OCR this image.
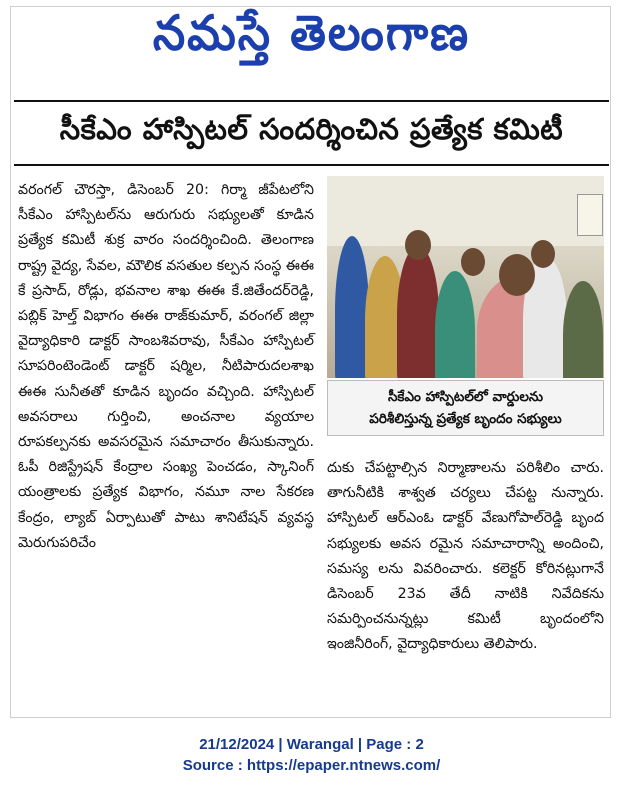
నమస్తే తెలంగాణ
సీకేఎం హాస్పిటల్ సందర్శించిన ప్రత్యేక కమిటీ

వరంగల్ చౌరస్తా, డిసెంబర్ 20: గిర్మా జీపేటలోని సీకేఎం హాస్పిటల్‌ను ఆరుగురు సభ్యులతో కూడిన ప్రత్యేక కమిటీ శుక్ర వారం సందర్శించింది. తెలంగాణ రాష్ట్ర వైద్య, సేవల, మౌలిక వసతుల కల్పన సంస్థ ఈఈ కే ప్రసాద్, రోడ్లు, భవనాల శాఖ ఈఈ కే.జితేందర్‌రెడ్డి, పబ్లిక్ హెల్త్ విభాగం ఈఈ రాజ్‌కుమార్, వరంగల్ జిల్లా వైద్యాధికారి డాక్టర్ సాంబశివరావు, సీకేఎం హాస్పిటల్ సూపరింటెండెంట్ డాక్టర్ షర్మిల, నీటిపారుదలశాఖ ఈఈ సునీతతో కూడిన బృందం వచ్చింది. హాస్పిటల్ అవసరాలు గుర్తించి, అంచనాల వ్యయాల రూపకల్పనకు అవసరమైన సమాచారం తీసుకున్నారు. ఓపీ రిజిస్ట్రేషన్ కేంద్రాల సంఖ్య పెంచడం, స్కానింగ్ యంత్రాలకు ప్రత్యేక విభాగం, నమూ నాల సేకరణ కేంద్రం, ల్యాబ్ ఏర్పాటుతో పాటు శానిటేషన్ వ్యవస్థ మెరుగుపరిచేం

సీకేఎం హాస్పిటల్‌లో వార్డులను
పరిశీలిస్తున్న ప్రత్యేక బృందం సభ్యులు

దుకు చేపట్టాల్సిన నిర్మాణాలను పరిశీలిం చారు. తాగునీటికి శాశ్వత చర్యలు చేపట్ట నున్నారు. హాస్పిటల్ ఆర్ఎంఓ డాక్టర్ వేణుగోపాల్‌రెడ్డి బృంద సభ్యులకు అవస రమైన సమాచారాన్ని అందించి, సమస్య లను వివరించారు. కలెక్టర్ కోరినట్లుగానే డిసెంబర్ 23వ తేదీ నాటికి నివేదికను సమర్పించనున్నట్లు కమిటీ బృందంలోని ఇంజినీరింగ్, వైద్యాధికారులు తెలిపారు.

21/12/2024 | Warangal | Page : 2
Source : https://epaper.ntnews.com/
